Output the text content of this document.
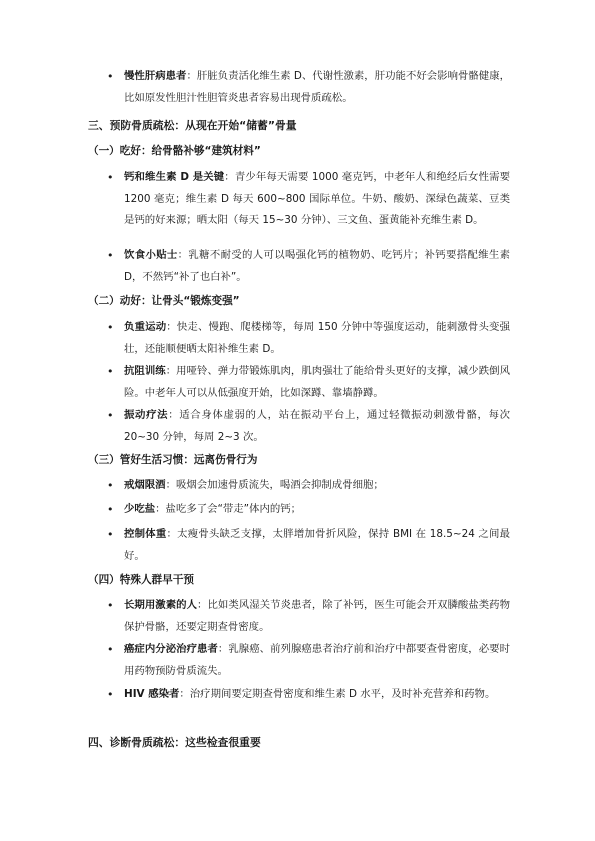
• 慢性肝病患者：肝脏负责活化维生素 D、代谢性激素，肝功能不好会影响骨骼健康，比如原发性胆汁性胆管炎患者容易出现骨质疏松。
三、预防骨质疏松：从现在开始“储蓄”骨量
（一）吃好：给骨骼补够“建筑材料”
• 钙和维生素 D 是关键：青少年每天需要 1000 毫克钙，中老年人和绝经后女性需要 1200 毫克；维生素 D 每天 600~800 国际单位。牛奶、酸奶、深绿色蔬菜、豆类是钙的好来源；晒太阳（每天 15~30 分钟）、三文鱼、蛋黄能补充维生素 D。
• 饮食小贴士：乳糖不耐受的人可以喝强化钙的植物奶、吃钙片；补钙要搭配维生素 D，不然钙“补了也白补”。
（二）动好：让骨头“锻炼变强”
• 负重运动：快走、慢跑、爬楼梯等，每周 150 分钟中等强度运动，能刺激骨头变强壮，还能顺便晒太阳补维生素 D。
• 抗阻训练：用哑铃、弹力带锻炼肌肉，肌肉强壮了能给骨头更好的支撑，减少跌倒风险。中老年人可以从低强度开始，比如深蹲、靠墙静蹲。
• 振动疗法：适合身体虚弱的人，站在振动平台上，通过轻微振动刺激骨骼，每次 20~30 分钟，每周 2~3 次。
（三）管好生活习惯：远离伤骨行为
• 戒烟限酒：吸烟会加速骨质流失，喝酒会抑制成骨细胞；
• 少吃盐：盐吃多了会“带走”体内的钙；
• 控制体重：太瘦骨头缺乏支撑，太胖增加骨折风险，保持 BMI 在 18.5~24 之间最好。
（四）特殊人群早干预
• 长期用激素的人：比如类风湿关节炎患者，除了补钙，医生可能会开双膦酸盐类药物保护骨骼，还要定期查骨密度。
• 癌症内分泌治疗患者：乳腺癌、前列腺癌患者治疗前和治疗中都要查骨密度，必要时用药物预防骨质流失。
• HIV 感染者：治疗期间要定期查骨密度和维生素 D 水平，及时补充营养和药物。
四、诊断骨质疏松：这些检查很重要
